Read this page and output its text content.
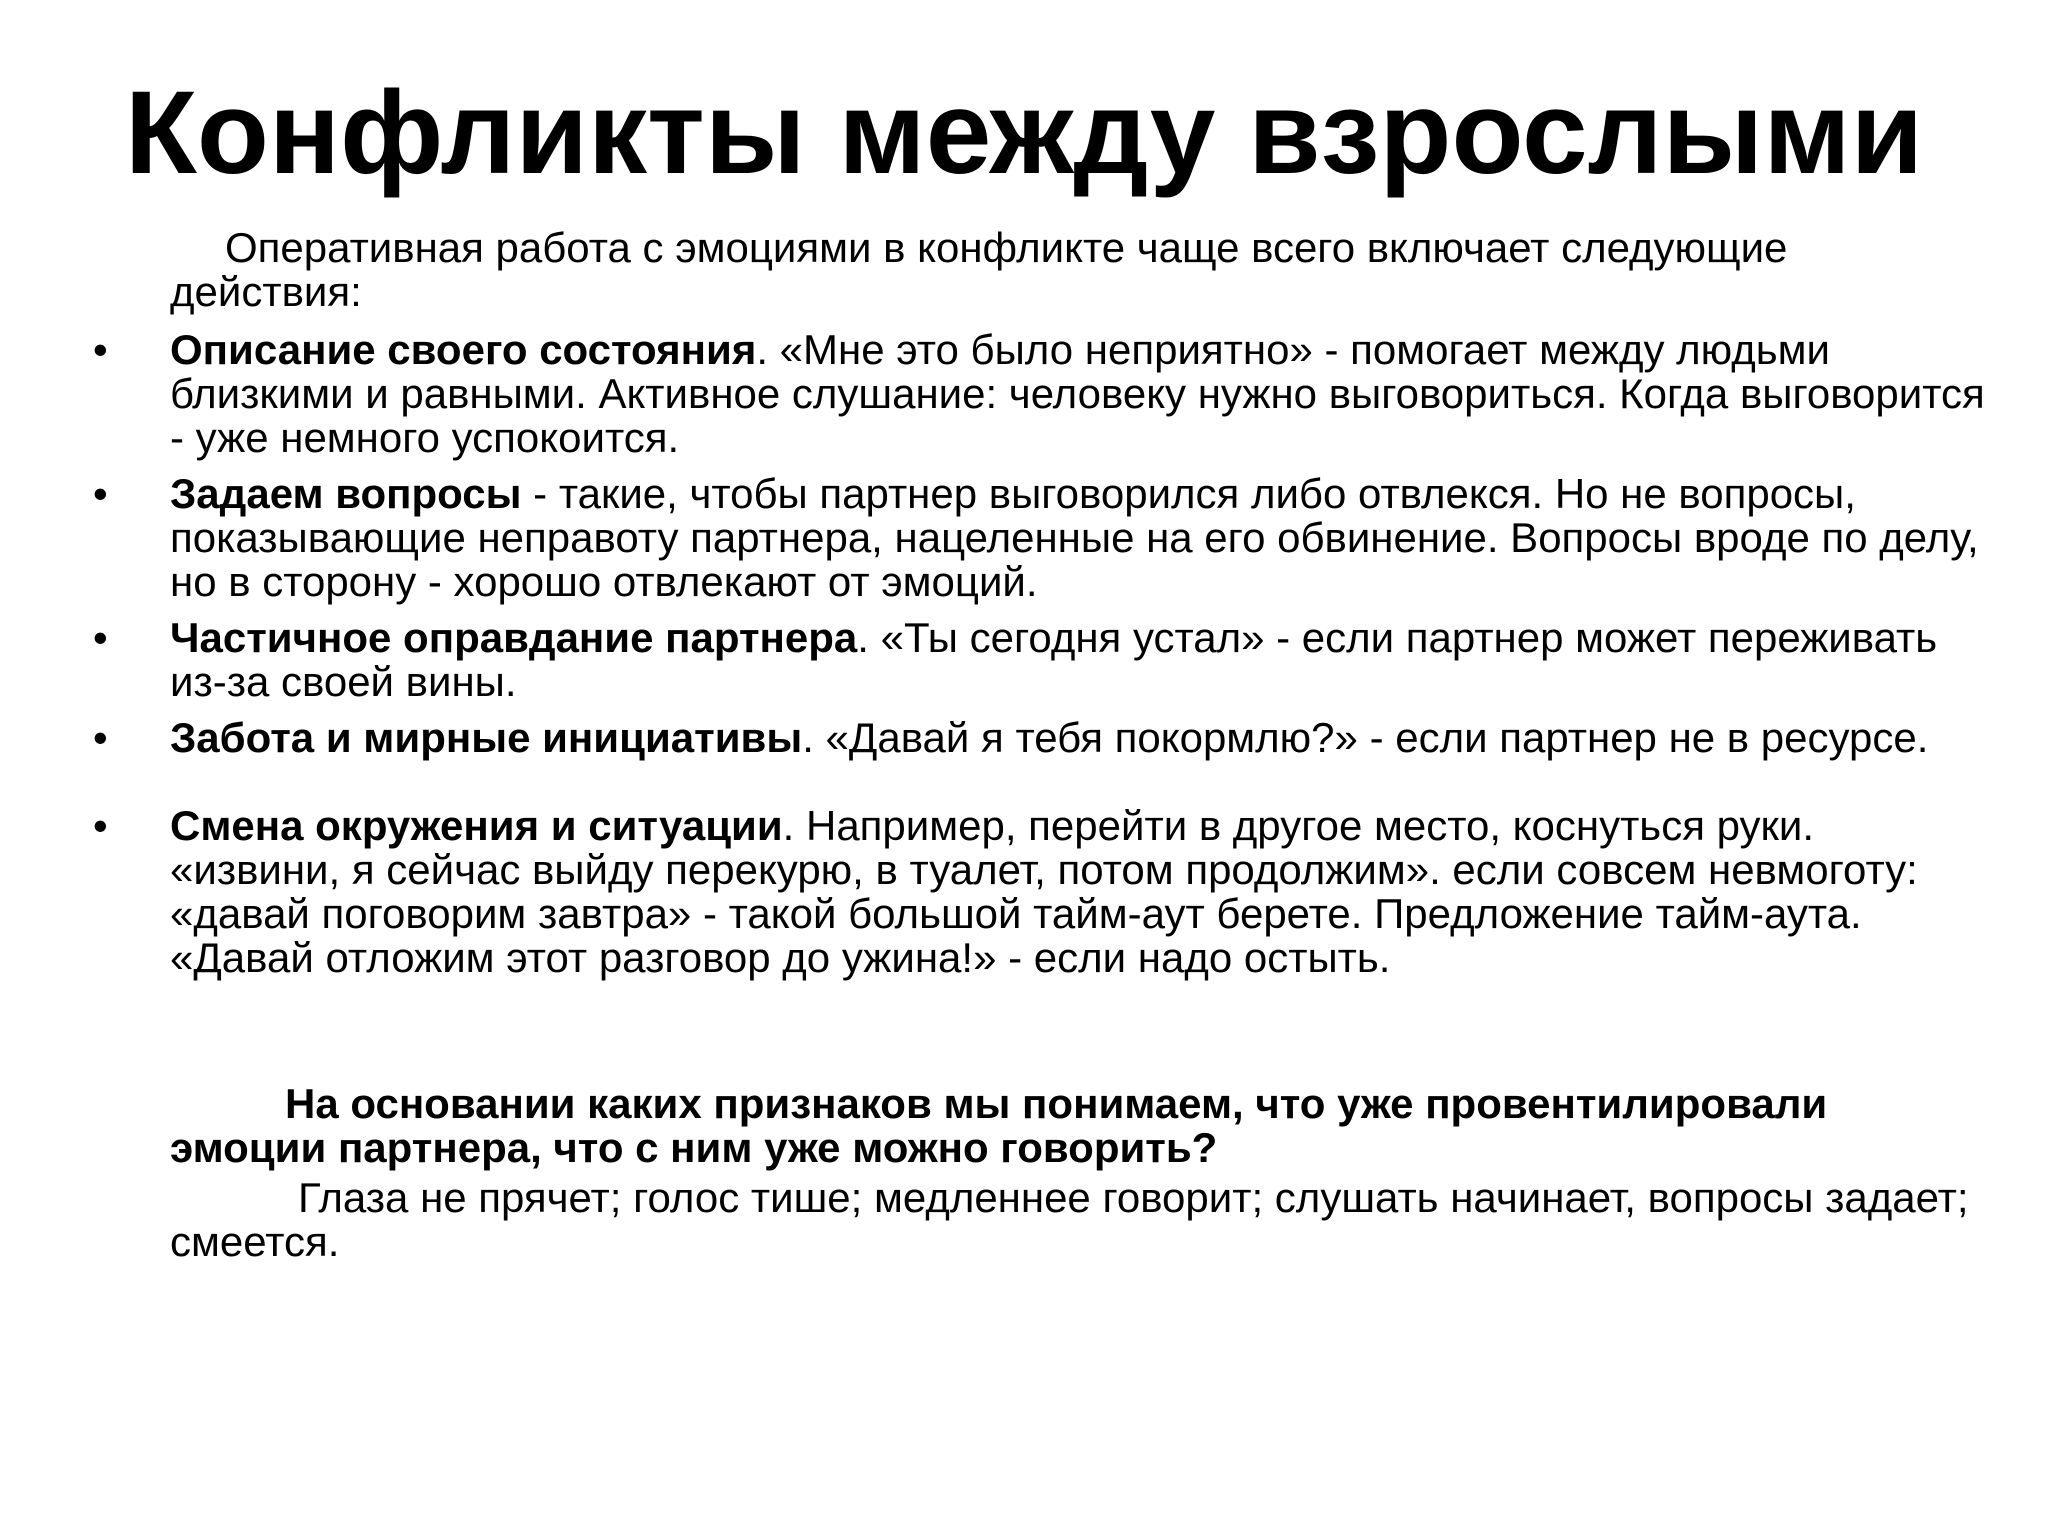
Конфликты между взрослыми

Оперативная работа с эмоциями в конфликте чаще всего включает следующие действия:

• Описание своего состояния. «Мне это было неприятно» - помогает между людьми близкими и равными. Активное слушание: человеку нужно выговориться. Когда выговорится - уже немного успокоится.
• Задаем вопросы - такие, чтобы партнер выговорился либо отвлекся. Но не вопросы, показывающие неправоту партнера, нацеленные на его обвинение. Вопросы вроде по делу, но в сторону - хорошо отвлекают от эмоций.
• Частичное оправдание партнера. «Ты сегодня устал» - если партнер может переживать из-за своей вины.
• Забота и мирные инициативы. «Давай я тебя покормлю?» - если партнер не в ресурсе.
• Смена окружения и ситуации. Например, перейти в другое место, коснуться руки. «извини, я сейчас выйду перекурю, в туалет, потом продолжим». если совсем невмоготу: «давай поговорим завтра» - такой большой тайм-аут берете. Предложение тайм-аута. «Давай отложим этот разговор до ужина!» - если надо остыть.

На основании каких признаков мы понимаем, что уже провентилировали эмоции партнера, что с ним уже можно говорить?

Глаза не прячет; голос тише; медленнее говорит; слушать начинает, вопросы задает; смеется.
